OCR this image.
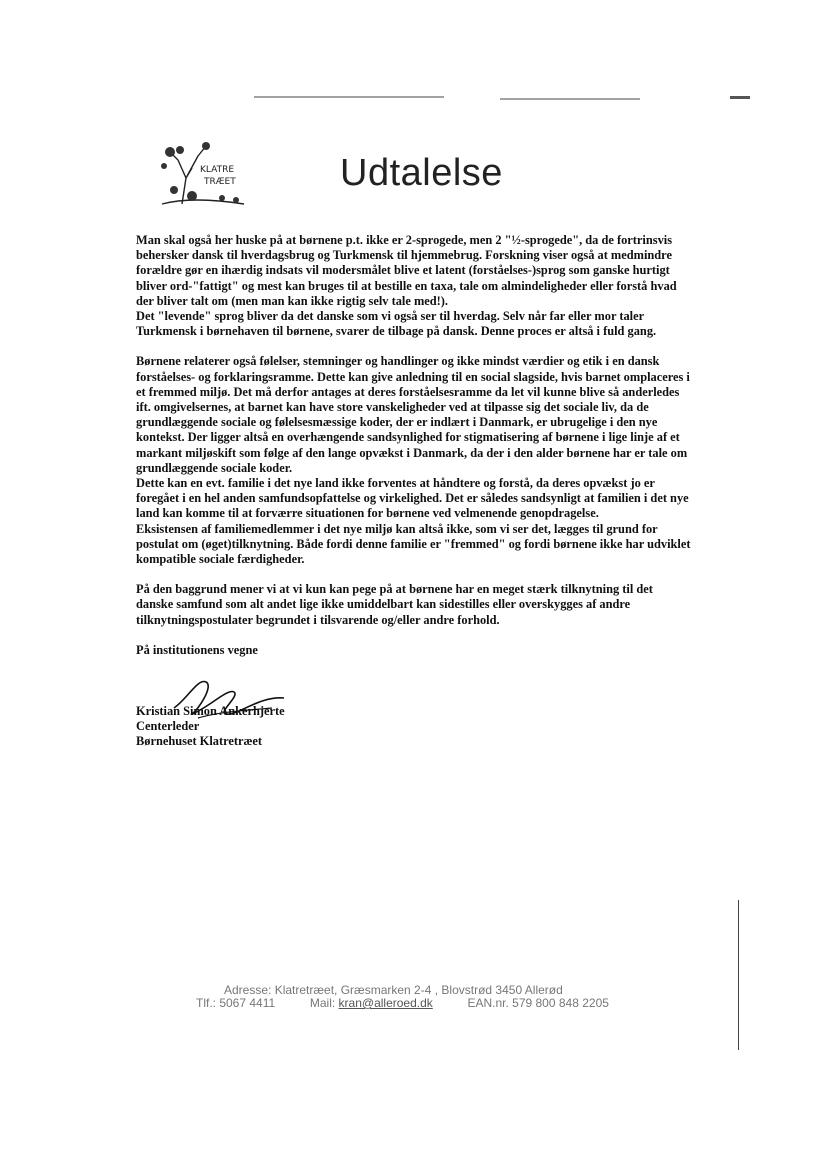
KLATRE
TRÆET	Udtalelse

Man skal også her huske på at børnene p.t. ikke er 2-sprogede, men 2 "½-sprogede", da de fortrinsvis behersker dansk til hverdagsbrug og Turkmensk til hjemmebrug. Forskning viser også at medmindre forældre gør en ihærdig indsats vil modersmålet blive et latent (forståelses-)sprog som ganske hurtigt bliver ord-"fattigt" og mest kan bruges til at bestille en taxa, tale om almindeligheder eller forstå hvad der bliver talt om (men man kan ikke rigtig selv tale med!).

Det "levende" sprog bliver da det danske som vi også ser til hverdag. Selv når far eller mor taler Turkmensk i børnehaven til børnene, svarer de tilbage på dansk. Denne proces er altså i fuld gang.

Børnene relaterer også følelser, stemninger og handlinger og ikke mindst værdier og etik i en dansk forståelses- og forklaringsramme. Dette kan give anledning til en social slagside, hvis barnet omplaceres i et fremmed miljø. Det må derfor antages at deres forståelsesramme da let vil kunne blive så anderledes ift. omgivelsernes, at barnet kan have store vanskeligheder ved at tilpasse sig det sociale liv, da de grundlæggende sociale og følelsesmæssige koder, der er indlært i Danmark, er ubrugelige i den nye kontekst. Der ligger altså en overhængende sandsynlighed for stigmatisering af børnene i lige linje af et markant miljøskift som følge af den lange opvækst i Danmark, da der i den alder børnene har er tale om grundlæggende sociale koder.

Dette kan en evt. familie i det nye land ikke forventes at håndtere og forstå, da deres opvækst jo er foregået i en hel anden samfundsopfattelse og virkelighed. Det er således sandsynligt at familien i det nye land kan komme til at forværre situationen for børnene ved velmenende genopdragelse.

Eksistensen af familiemedlemmer i det nye miljø kan altså ikke, som vi ser det, lægges til grund for postulat om (øget)tilknytning. Både fordi denne familie er "fremmed" og fordi børnene ikke har udviklet kompatible sociale færdigheder.

På den baggrund mener vi at vi kun kan pege på at børnene har en meget stærk tilknytning til det danske samfund som alt andet lige ikke umiddelbart kan sidestilles eller overskygges af andre tilknytningspostulater begrundet i tilsvarende og/eller andre forhold.

På institutionens vegne

Kristian Simon Ankerhjerte

Centerleder

Børnehuset Klatretræet

Adresse: Klatretræet, Græsmarken 2-4 , Blovstrød 3450 Allerød
Tlf.: 5067 4411	Mail: kran@alleroed.dk	EAN.nr. 579 800 848 2205
